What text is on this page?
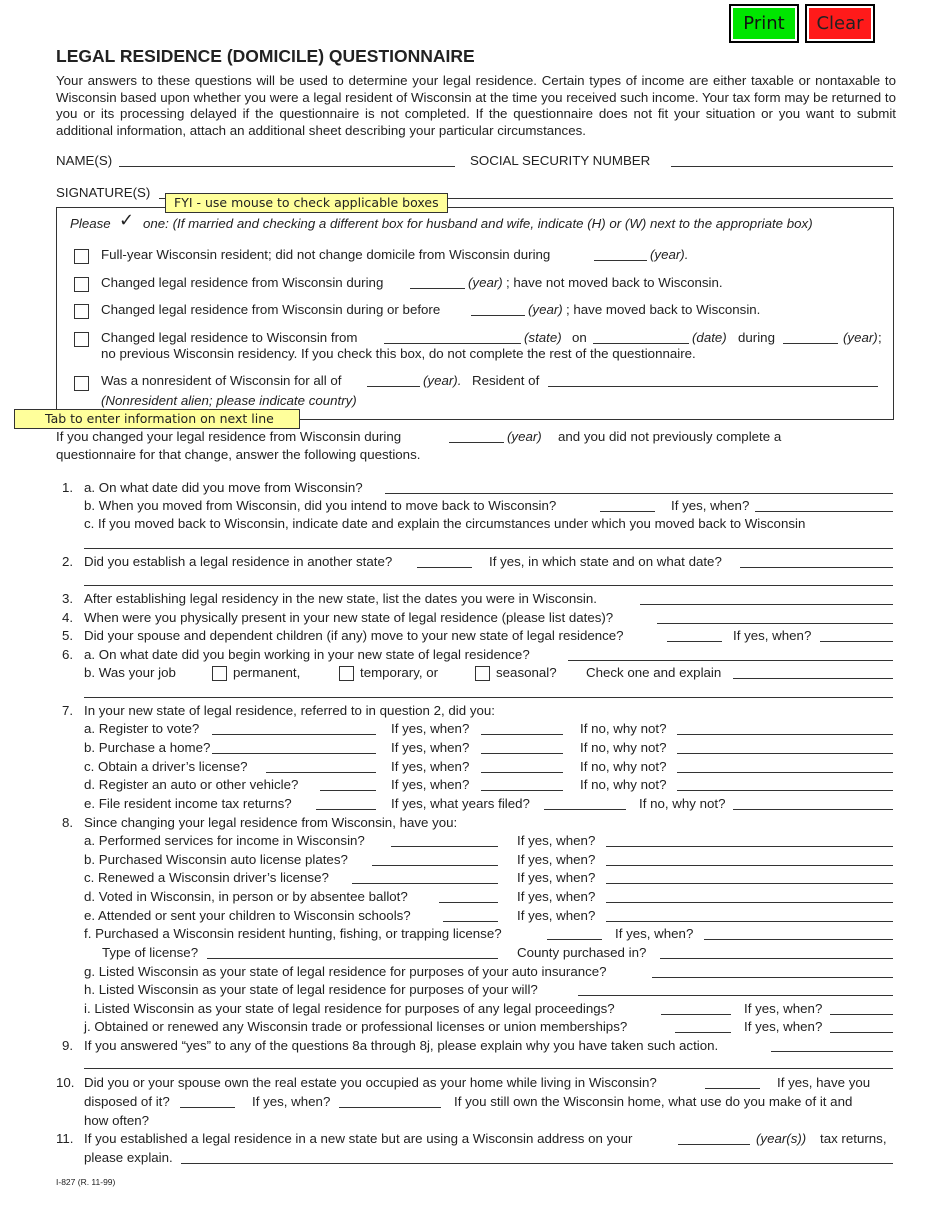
Print	Clear
LEGAL RESIDENCE (DOMICILE) QUESTIONNAIRE
Your answers to these questions will be used to determine your legal residence. Certain types of income are either taxable or nontaxable to Wisconsin based upon whether you were a legal resident of Wisconsin at the time you received such income. Your tax form may be returned to you or its processing delayed if the questionnaire is not completed. If the questionnaire does not fit your situation or you want to submit additional information, attach an additional sheet describing your particular circumstances.
NAME(S)	SOCIAL SECURITY NUMBER
SIGNATURE(S)
FYI - use mouse to check applicable boxes
Please ✓ one: (If married and checking a different box for husband and wife, indicate (H) or (W) next to the appropriate box)
Full-year Wisconsin resident; did not change domicile from Wisconsin during	(year).
Changed legal residence from Wisconsin during	(year) ; have not moved back to Wisconsin.
Changed legal residence from Wisconsin during or before	(year) ; have moved back to Wisconsin.
Changed legal residence to Wisconsin from	(state) on	(date) during	(year) ;
no previous Wisconsin residency. If you check this box, do not complete the rest of the questionnaire.
Was a nonresident of Wisconsin for all of	(year). Resident of
(Nonresident alien; please indicate country)
Tab to enter information on next line
If you changed your legal residence from Wisconsin during	(year) and you did not previously complete a
questionnaire for that change, answer the following questions.
1. a. On what date did you move from Wisconsin?
b. When you moved from Wisconsin, did you intend to move back to Wisconsin?	If yes, when?
c. If you moved back to Wisconsin, indicate date and explain the circumstances under which you moved back to Wisconsin
2. Did you establish a legal residence in another state?	If yes, in which state and on what date?
3. After establishing legal residency in the new state, list the dates you were in Wisconsin.
4. When were you physically present in your new state of legal residence (please list dates)?
5. Did your spouse and dependent children (if any) move to your new state of legal residence?	If yes, when?
6. a. On what date did you begin working in your new state of legal residence?
b. Was your job	permanent,	temporary, or	seasonal? Check one and explain
7. In your new state of legal residence, referred to in question 2, did you:
a. Register to vote?	If yes, when?	If no, why not?
b. Purchase a home?	If yes, when?	If no, why not?
c. Obtain a driver’s license?	If yes, when?	If no, why not?
d. Register an auto or other vehicle?	If yes, when?	If no, why not?
e. File resident income tax returns?	If yes, what years filed?	If no, why not?
8. Since changing your legal residence from Wisconsin, have you:
a. Performed services for income in Wisconsin?	If yes, when?
b. Purchased Wisconsin auto license plates?	If yes, when?
c. Renewed a Wisconsin driver’s license?	If yes, when?
d. Voted in Wisconsin, in person or by absentee ballot?	If yes, when?
e. Attended or sent your children to Wisconsin schools?	If yes, when?
f. Purchased a Wisconsin resident hunting, fishing, or trapping license?	If yes, when?
Type of license?	County purchased in?
g. Listed Wisconsin as your state of legal residence for purposes of your auto insurance?
h. Listed Wisconsin as your state of legal residence for purposes of your will?
i. Listed Wisconsin as your state of legal residence for purposes of any legal proceedings?	If yes, when?
j. Obtained or renewed any Wisconsin trade or professional licenses or union memberships?	If yes, when?
9. If you answered “yes” to any of the questions 8a through 8j, please explain why you have taken such action.
10. Did you or your spouse own the real estate you occupied as your home while living in Wisconsin?	If yes, have you
disposed of it?	If yes, when?	If you still own the Wisconsin home, what use do you make of it and
how often?
11. If you established a legal residence in a new state but are using a Wisconsin address on your	(year(s)) tax returns,
please explain.
I-827 (R. 11-99)
